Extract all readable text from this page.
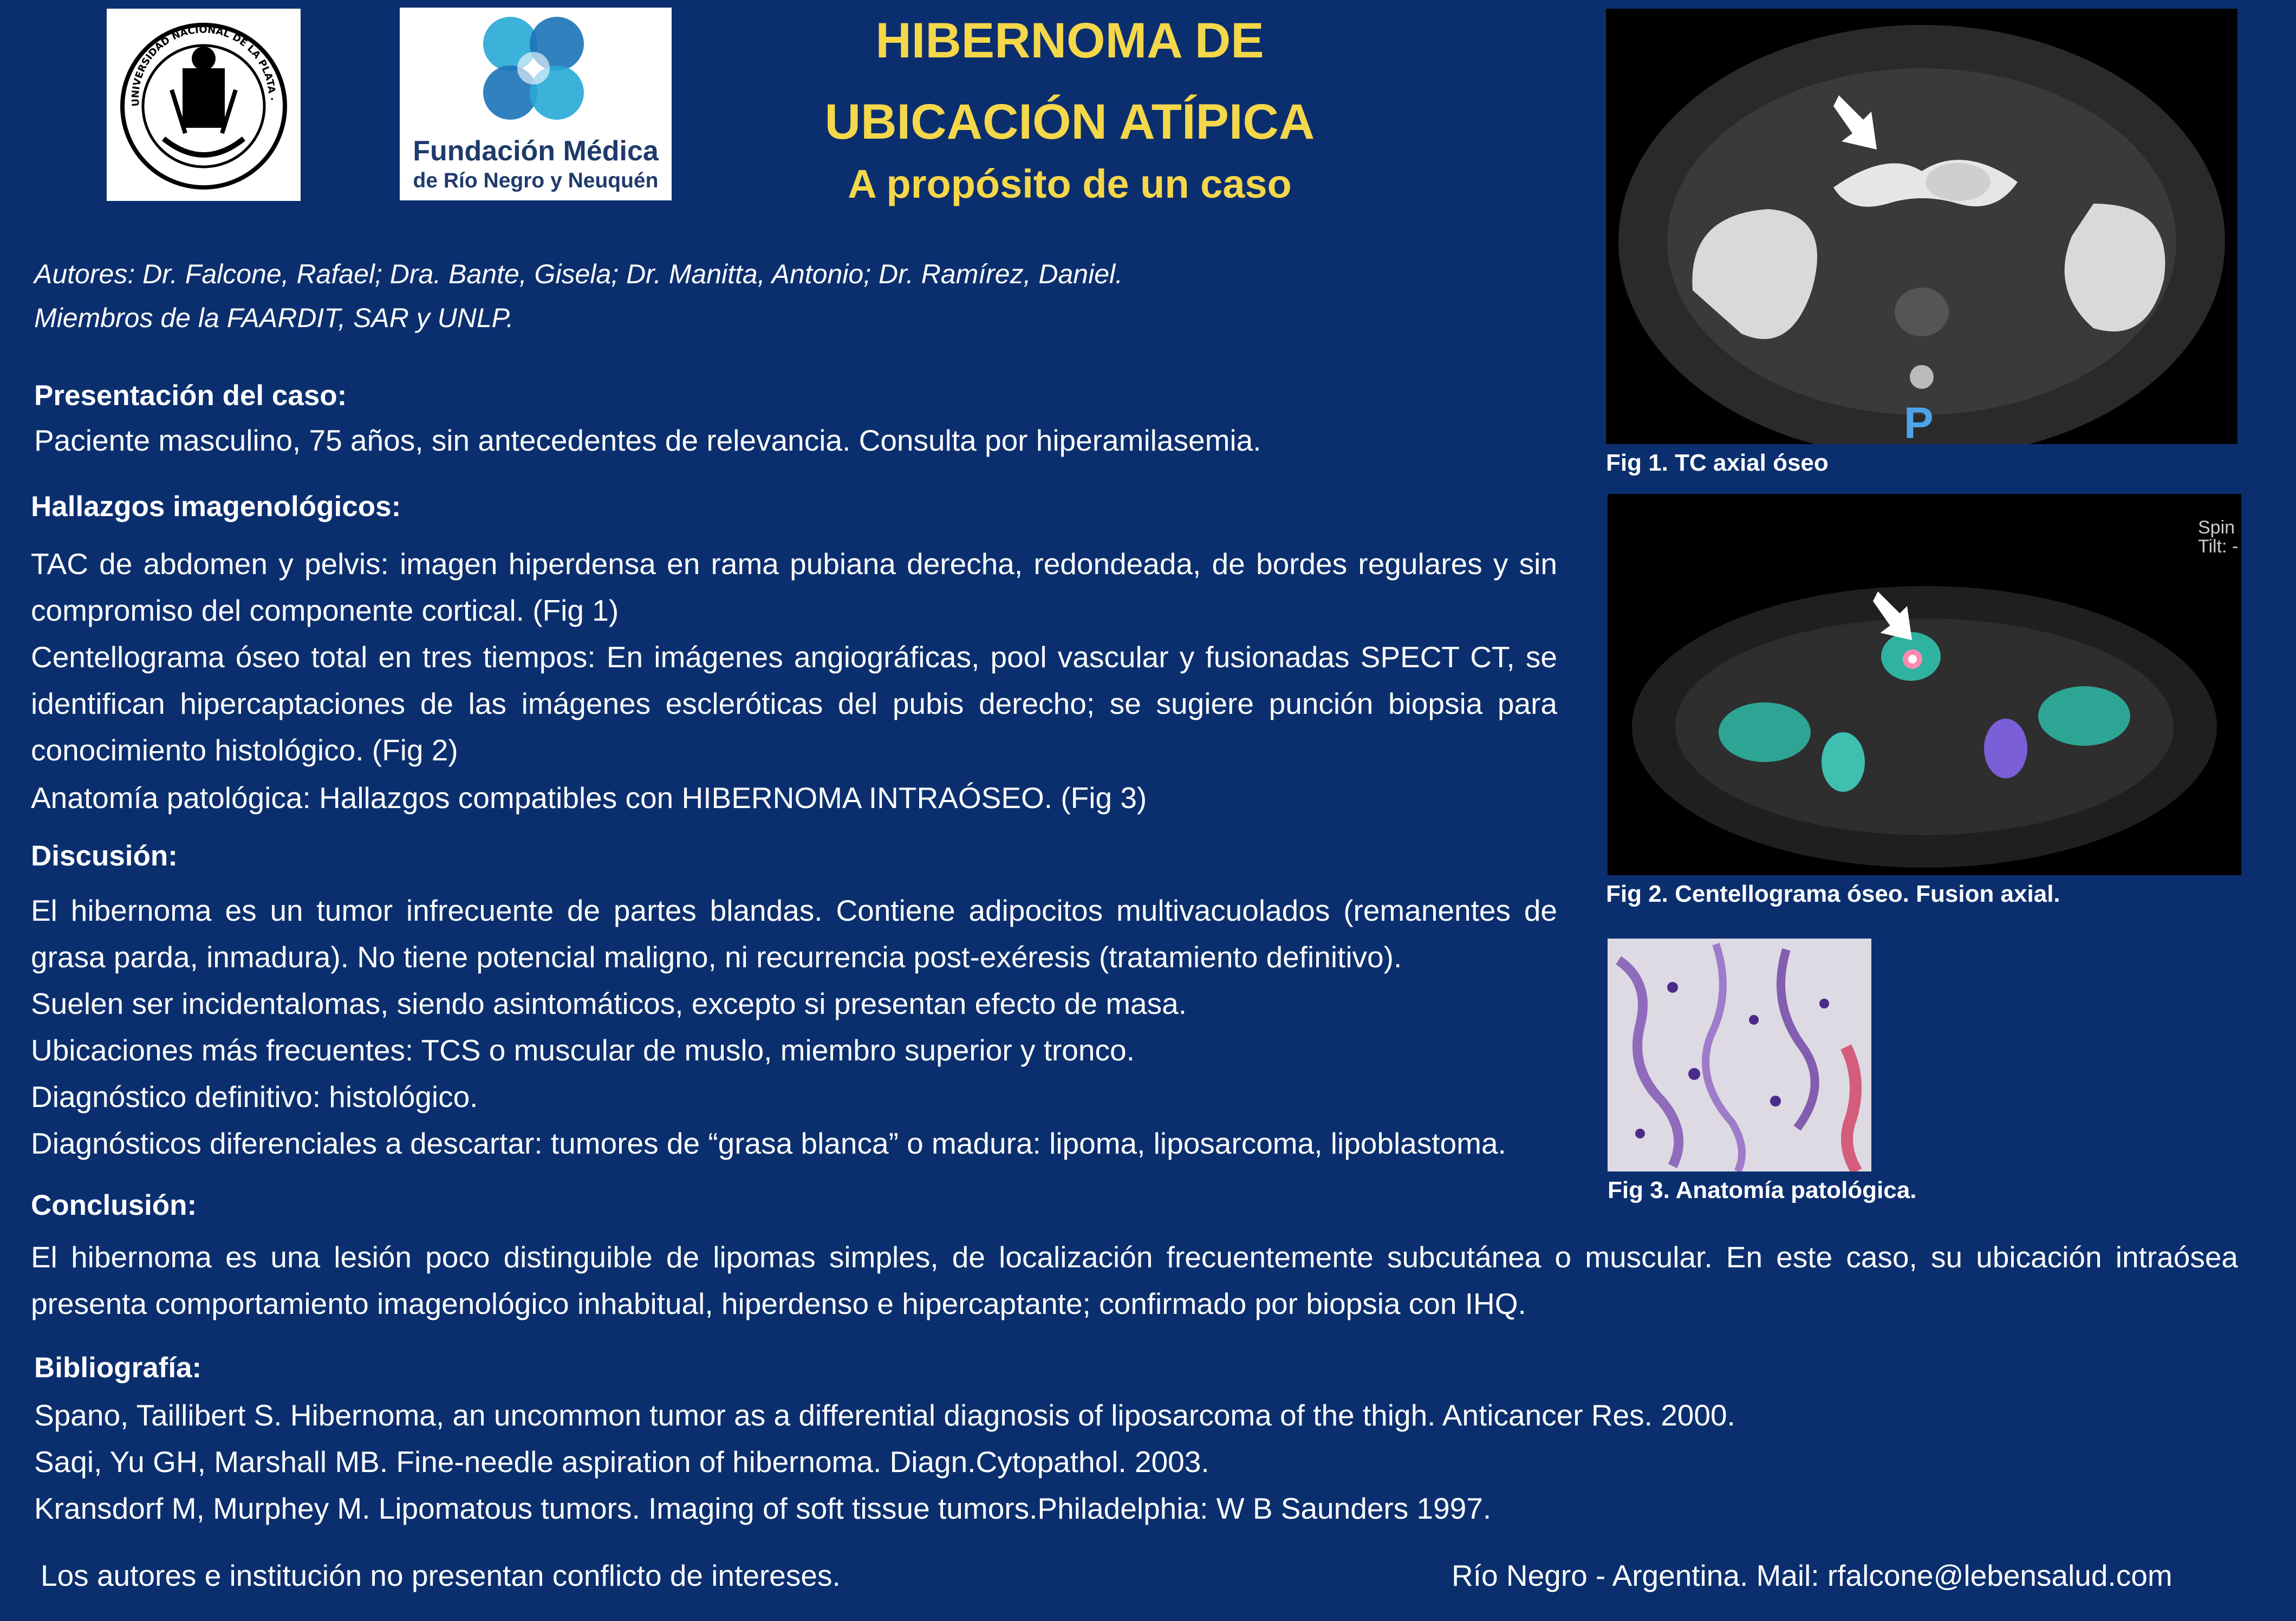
UNIVERSIDAD NACIONAL DE LA PLATA ·
Fundación Médica
de Río Negro y Neuquén
HIBERNOMA DE
UBICACIÓN ATÍPICA
A propósito de un caso
Autores: Dr. Falcone, Rafael; Dra. Bante, Gisela; Dr. Manitta, Antonio; Dr. Ramírez, Daniel.
Miembros de la FAARDIT, SAR y UNLP.
Presentación del caso:
Paciente masculino, 75 años, sin antecedentes de relevancia. Consulta por hiperamilasemia.
Hallazgos imagenológicos:
TAC de abdomen y pelvis: imagen hiperdensa en rama pubiana derecha, redondeada, de bordes regulares y sin compromiso del componente cortical. (Fig 1)
Centellograma óseo total en tres tiempos: En imágenes angiográficas, pool vascular y fusionadas SPECT CT, se identifican hipercaptaciones de las imágenes escleróticas del pubis derecho; se sugiere punción biopsia para conocimiento histológico. (Fig 2)
Anatomía patológica: Hallazgos compatibles con HIBERNOMA INTRAÓSEO. (Fig 3)
Discusión:
El hibernoma es un tumor infrecuente de partes blandas. Contiene adipocitos multivacuolados (remanentes de grasa parda, inmadura). No tiene potencial maligno, ni recurrencia post-exéresis (tratamiento definitivo).
Suelen ser incidentalomas, siendo asintomáticos, excepto si presentan efecto de masa.
Ubicaciones más frecuentes: TCS o muscular de muslo, miembro superior y tronco.
Diagnóstico definitivo: histológico.
Diagnósticos diferenciales a descartar: tumores de “grasa blanca” o madura: lipoma, liposarcoma, lipoblastoma.
Conclusión:
El hibernoma es una lesión poco distinguible de lipomas simples, de localización frecuentemente subcutánea o muscular. En este caso, su ubicación intraósea presenta comportamiento imagenológico inhabitual, hiperdenso e hipercaptante; confirmado por biopsia con IHQ.
Bibliografía:
Spano, Taillibert S. Hibernoma, an uncommon tumor as a differential diagnosis of liposarcoma of the thigh. Anticancer Res. 2000.
Saqi, Yu GH, Marshall MB. Fine-needle aspiration of hibernoma. Diagn.Cytopathol. 2003.
Kransdorf M, Murphey M. Lipomatous tumors. Imaging of soft tissue tumors.Philadelphia: W B Saunders 1997.
Los autores e institución no presentan conflicto de intereses.	Río Negro - Argentina. Mail: rfalcone@lebensalud.com
P
Fig 1. TC axial óseo
Spin
Tilt: -
Fig 2. Centellograma óseo. Fusion axial.
Fig 3. Anatomía patológica.
